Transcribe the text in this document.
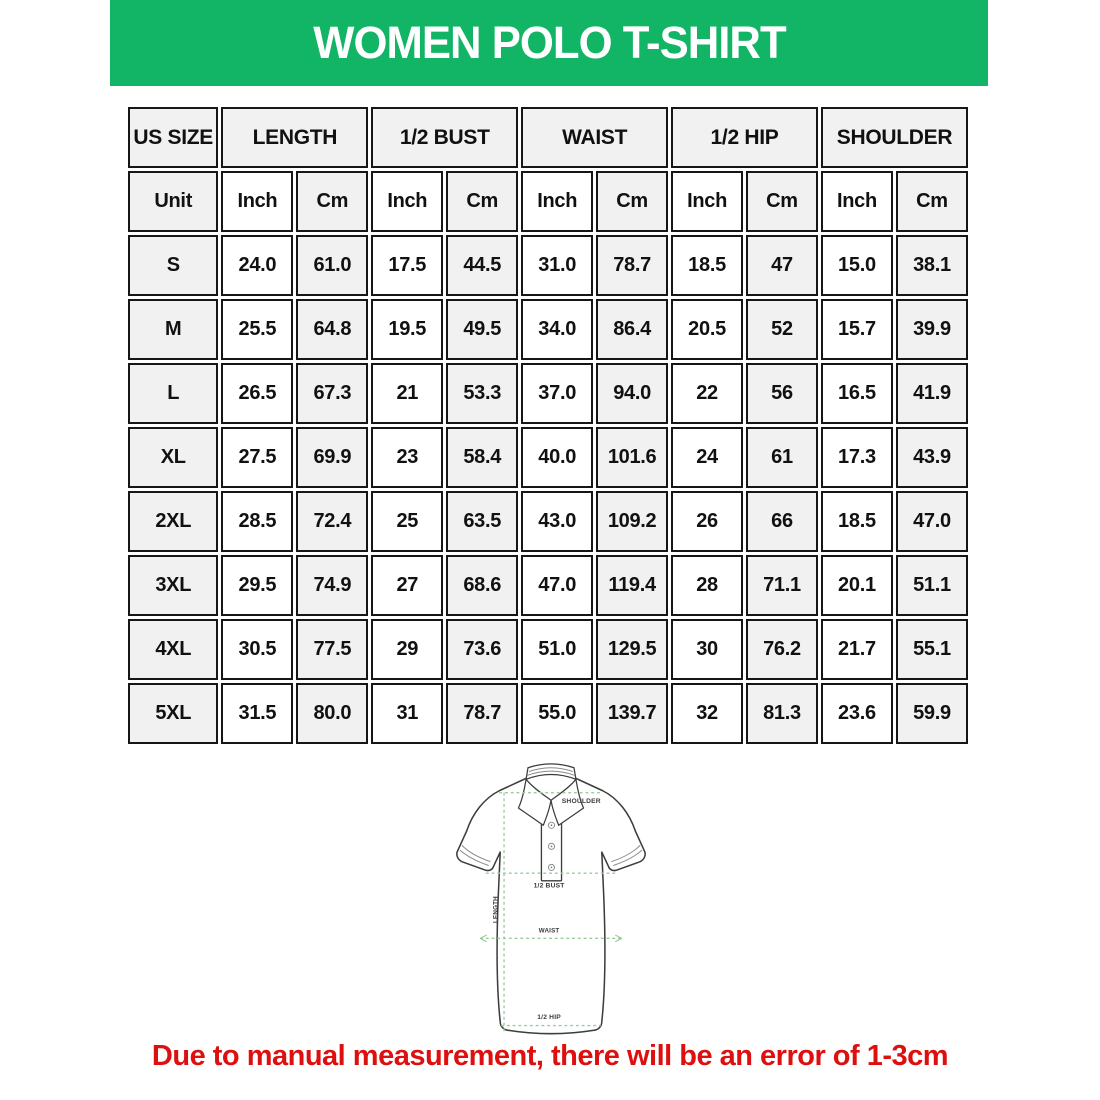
WOMEN POLO T-SHIRT
US SIZE	LENGTH		1/2 BUST		WAIST		1/2 HIP		SHOULDER	
Unit	Inch	Cm	Inch	Cm	Inch	Cm	Inch	Cm	Inch	Cm
S	24.0	61.0	17.5	44.5	31.0	78.7	18.5	47	15.0	38.1
M	25.5	64.8	19.5	49.5	34.0	86.4	20.5	52	15.7	39.9
L	26.5	67.3	21	53.3	37.0	94.0	22	56	16.5	41.9
XL	27.5	69.9	23	58.4	40.0	101.6	24	61	17.3	43.9
2XL	28.5	72.4	25	63.5	43.0	109.2	26	66	18.5	47.0
3XL	29.5	74.9	27	68.6	47.0	119.4	28	71.1	20.1	51.1
4XL	30.5	77.5	29	73.6	51.0	129.5	30	76.2	21.7	55.1
5XL	31.5	80.0	31	78.7	55.0	139.7	32	81.3	23.6	59.9
SHOULDER
LENGTH
1/2 BUST
WAIST
1/2 HIP

Due to manual measurement, there will be an error of 1-3cm
